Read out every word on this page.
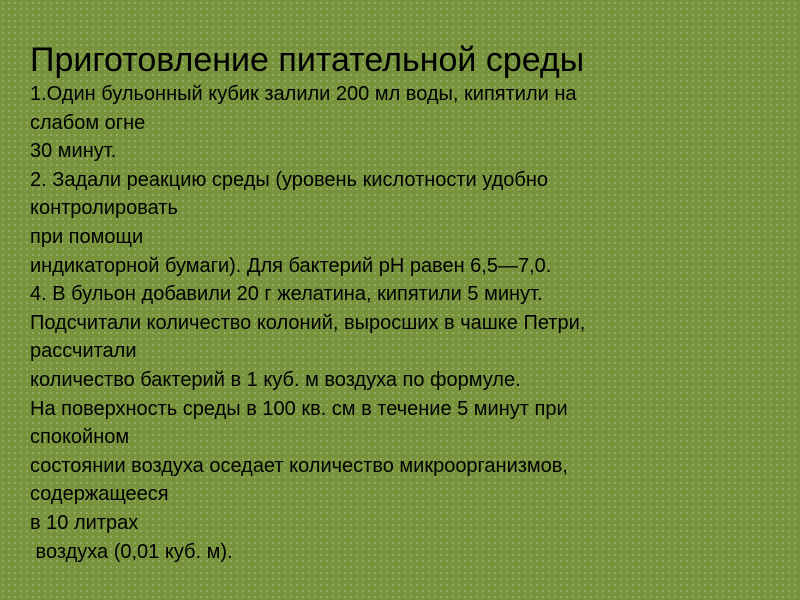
Приготовление питательной среды
1.Один бульонный кубик залили 200 мл воды, кипятили на
слабом огне
30 минут.
2. Задали реакцию среды (уровень кислотности удобно
контролировать
при помощи
индикаторной бумаги). Для бактерий pH равен 6,5—7,0.
4. В бульон добавили 20 г желатина, кипятили 5 минут.
Подсчитали количество колоний, выросших в чашке Петри,
рассчитали
количество бактерий в 1 куб. м воздуха по формуле.
На поверхность среды в 100 кв. см в течение 5 минут при
спокойном
состоянии воздуха оседает количество микроорганизмов,
содержащееся
в 10 литрах
воздуха (0,01 куб. м).
